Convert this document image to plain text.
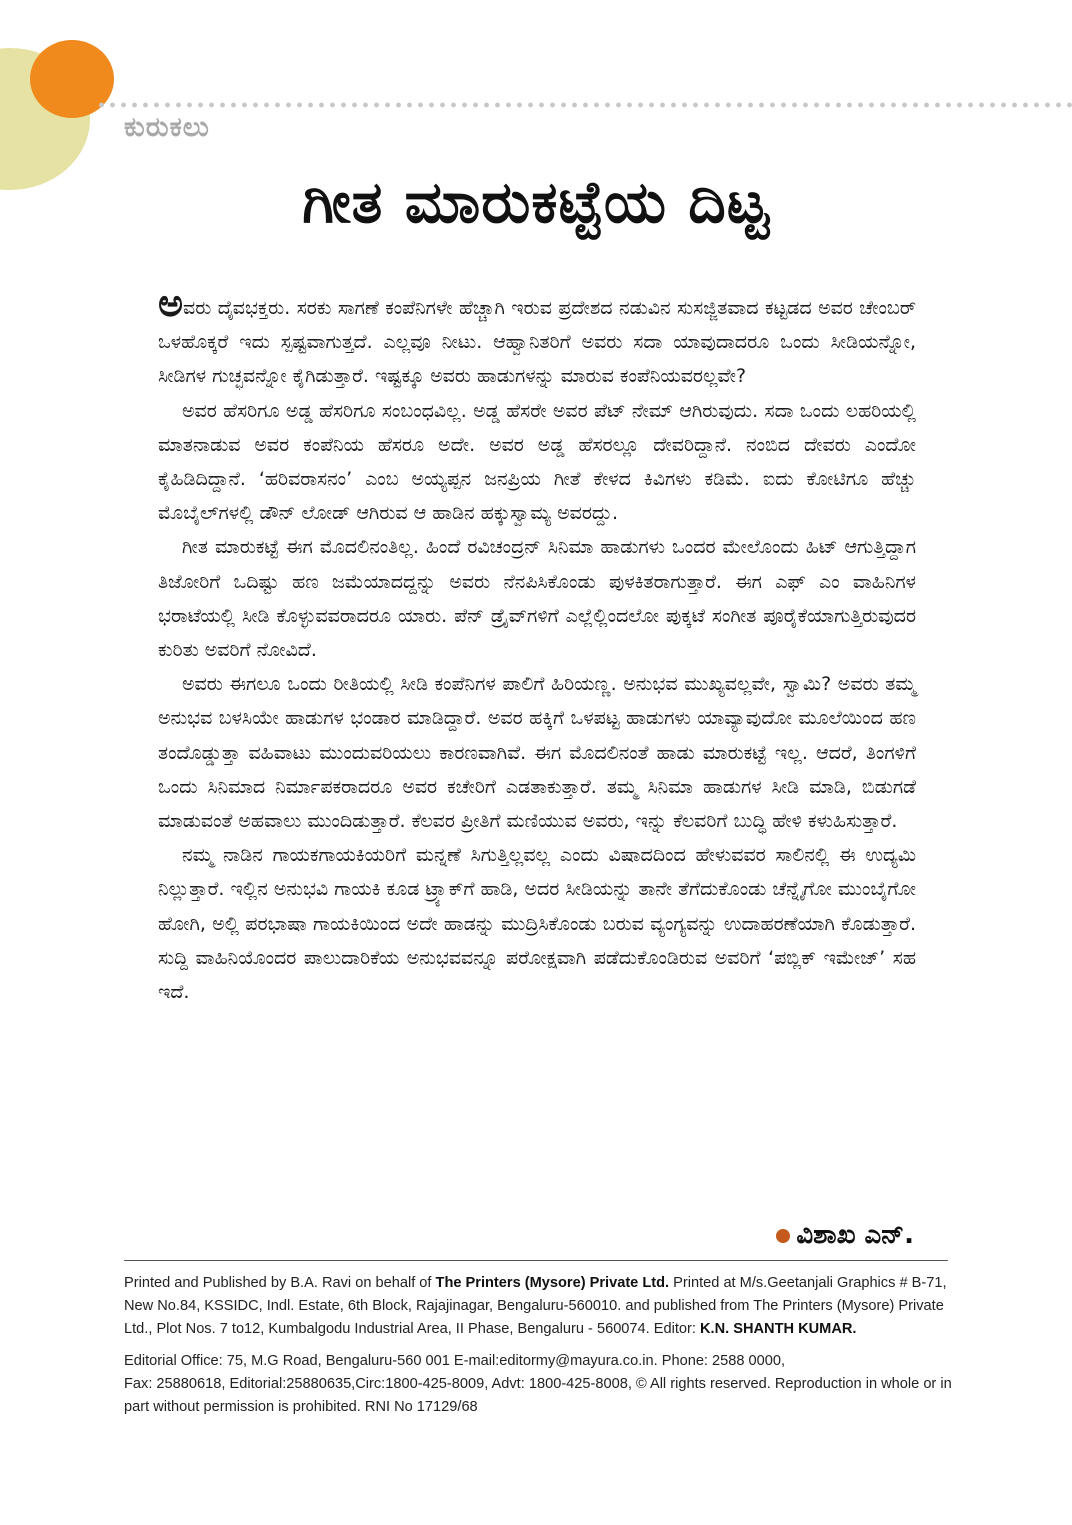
ಕುರುಕಲು
ಗೀತ ಮಾರುಕಟ್ಟೆಯ ದಿಟ್ಟ

ಅವರು ದೈವಭಕ್ತರು. ಸರಕು ಸಾಗಣೆ ಕಂಪೆನಿಗಳೇ ಹೆಚ್ಚಾಗಿ ಇರುವ ಪ್ರದೇಶದ ನಡುವಿನ ಸುಸಜ್ಜಿತವಾದ ಕಟ್ಟಡದ ಅವರ ಚೇಂಬರ್ ಒಳಹೊಕ್ಕರೆ ಇದು ಸ್ಪಷ್ಟವಾಗುತ್ತದೆ. ಎಲ್ಲವೂ ನೀಟು. ಆಹ್ವಾನಿತರಿಗೆ ಅವರು ಸದಾ ಯಾವುದಾದರೂ ಒಂದು ಸೀಡಿಯನ್ನೋ, ಸೀಡಿಗಳ ಗುಚ್ಛವನ್ನೋ ಕೈಗಿಡುತ್ತಾರೆ. ಇಷ್ಟಕ್ಕೂ ಅವರು ಹಾಡುಗಳನ್ನು ಮಾರುವ ಕಂಪೆನಿಯವರಲ್ಲವೇ?

ಅವರ ಹೆಸರಿಗೂ ಅಡ್ಡ ಹೆಸರಿಗೂ ಸಂಬಂಧವಿಲ್ಲ. ಅಡ್ಡ ಹೆಸರೇ ಅವರ ಪೆಟ್ ನೇಮ್ ಆಗಿರುವುದು. ಸದಾ ಒಂದು ಲಹರಿಯಲ್ಲಿ ಮಾತನಾಡುವ ಅವರ ಕಂಪೆನಿಯ ಹೆಸರೂ ಅದೇ. ಅವರ ಅಡ್ಡ ಹೆಸರಲ್ಲೂ ದೇವರಿದ್ದಾನೆ. ನಂಬಿದ ದೇವರು ಎಂದೋ ಕೈಹಿಡಿದಿದ್ದಾನೆ. ‘ಹರಿವರಾಸನಂ’ ಎಂಬ ಅಯ್ಯಪ್ಪನ ಜನಪ್ರಿಯ ಗೀತೆ ಕೇಳದ ಕಿವಿಗಳು ಕಡಿಮೆ. ಐದು ಕೋಟಿಗೂ ಹೆಚ್ಚು ಮೊಬೈಲ್‌ಗಳಲ್ಲಿ ಡೌನ್ ಲೋಡ್ ಆಗಿರುವ ಆ ಹಾಡಿನ ಹಕ್ಕುಸ್ವಾಮ್ಯ ಅವರದ್ದು.

ಗೀತ ಮಾರುಕಟ್ಟೆ ಈಗ ಮೊದಲಿನಂತಿಲ್ಲ. ಹಿಂದೆ ರವಿಚಂದ್ರನ್ ಸಿನಿಮಾ ಹಾಡುಗಳು ಒಂದರ ಮೇಲೊಂದು ಹಿಟ್ ಆಗುತ್ತಿದ್ದಾಗ ತಿಜೋರಿಗೆ ಒದಿಷ್ಟು ಹಣ ಜಮೆಯಾದದ್ದನ್ನು ಅವರು ನೆನಪಿಸಿಕೊಂಡು ಪುಳಕಿತರಾಗುತ್ತಾರೆ. ಈಗ ಎಫ್ ಎಂ ವಾಹಿನಿಗಳ ಭರಾಟೆಯಲ್ಲಿ ಸೀಡಿ ಕೊಳ್ಳುವವರಾದರೂ ಯಾರು. ಪೆನ್ ಡ್ರೈವ್‌ಗಳಿಗೆ ಎಲ್ಲೆಲ್ಲಿಂದಲೋ ಪುಕ್ಕಟೆ ಸಂಗೀತ ಪೂರೈಕೆಯಾಗುತ್ತಿರುವುದರ ಕುರಿತು ಅವರಿಗೆ ನೋವಿದೆ.

ಅವರು ಈಗಲೂ ಒಂದು ರೀತಿಯಲ್ಲಿ ಸೀಡಿ ಕಂಪೆನಿಗಳ ಪಾಲಿಗೆ ಹಿರಿಯಣ್ಣ. ಅನುಭವ ಮುಖ್ಯವಲ್ಲವೇ, ಸ್ವಾಮಿ? ಅವರು ತಮ್ಮ ಅನುಭವ ಬಳಸಿಯೇ ಹಾಡುಗಳ ಭಂಡಾರ ಮಾಡಿದ್ದಾರೆ. ಅವರ ಹಕ್ಕಿಗೆ ಒಳಪಟ್ಟ ಹಾಡುಗಳು ಯಾವ್ಯಾವುದೋ ಮೂಲೆಯಿಂದ ಹಣ ತಂದೊಡ್ಡುತ್ತಾ ವಹಿವಾಟು ಮುಂದುವರಿಯಲು ಕಾರಣವಾಗಿವೆ. ಈಗ ಮೊದಲಿನಂತೆ ಹಾಡು ಮಾರುಕಟ್ಟೆ ಇಲ್ಲ. ಆದರೆ, ತಿಂಗಳಿಗೆ ಒಂದು ಸಿನಿಮಾದ ನಿರ್ಮಾಪಕರಾದರೂ ಅವರ ಕಚೇರಿಗೆ ಎಡತಾಕುತ್ತಾರೆ. ತಮ್ಮ ಸಿನಿಮಾ ಹಾಡುಗಳ ಸೀಡಿ ಮಾಡಿ, ಬಿಡುಗಡೆ ಮಾಡುವಂತೆ ಅಹವಾಲು ಮುಂದಿಡುತ್ತಾರೆ. ಕೆಲವರ ಪ್ರೀತಿಗೆ ಮಣಿಯುವ ಅವರು, ಇನ್ನು ಕೆಲವರಿಗೆ ಬುದ್ಧಿ ಹೇಳಿ ಕಳುಹಿಸುತ್ತಾರೆ.

ನಮ್ಮ ನಾಡಿನ ಗಾಯಕಗಾಯಕಿಯರಿಗೆ ಮನ್ನಣೆ ಸಿಗುತ್ತಿಲ್ಲವಲ್ಲ ಎಂದು ವಿಷಾದದಿಂದ ಹೇಳುವವರ ಸಾಲಿನಲ್ಲಿ ಈ ಉದ್ಯಮಿ ನಿಲ್ಲುತ್ತಾರೆ. ಇಲ್ಲಿನ ಅನುಭವಿ ಗಾಯಕಿ ಕೂಡ ಟ್ರ್ಯಾಕ್‌ಗೆ ಹಾಡಿ, ಅದರ ಸೀಡಿಯನ್ನು ತಾನೇ ತೆಗೆದುಕೊಂಡು ಚೆನ್ನೈಗೋ ಮುಂಬೈಗೋ ಹೋಗಿ, ಅಲ್ಲಿ ಪರಭಾಷಾ ಗಾಯಕಿಯಿಂದ ಅದೇ ಹಾಡನ್ನು ಮುದ್ರಿಸಿಕೊಂಡು ಬರುವ ವ್ಯಂಗ್ಯವನ್ನು ಉದಾಹರಣೆಯಾಗಿ ಕೊಡುತ್ತಾರೆ. ಸುದ್ದಿ ವಾಹಿನಿಯೊಂದರ ಪಾಲುದಾರಿಕೆಯ ಅನುಭವವನ್ನೂ ಪರೋಕ್ಷವಾಗಿ ಪಡೆದುಕೊಂಡಿರುವ ಅವರಿಗೆ ‘ಪಬ್ಲಿಕ್ ಇಮೇಜ್’ ಸಹ ಇದೆ.

ವಿಶಾಖ ಎನ್.

Printed and Published by B.A. Ravi on behalf of The Printers (Mysore) Private Ltd. Printed at M/s.Geetanjali Graphics # B-71, New No.84, KSSIDC, Indl. Estate, 6th Block, Rajajinagar, Bengaluru-560010. and published from The Printers (Mysore) Private Ltd., Plot Nos. 7 to12, Kumbalgodu Industrial Area, II Phase, Bengaluru - 560074. Editor: K.N. SHANTH KUMAR.

Editorial Office: 75, M.G Road, Bengaluru-560 001 E-mail:editormy@mayura.co.in. Phone: 2588 0000,

Fax: 25880618, Editorial:25880635,Circ:1800-425-8009, Advt: 1800-425-8008, © All rights reserved. Reproduction in whole or in part without permission is prohibited. RNI No 17129/68
